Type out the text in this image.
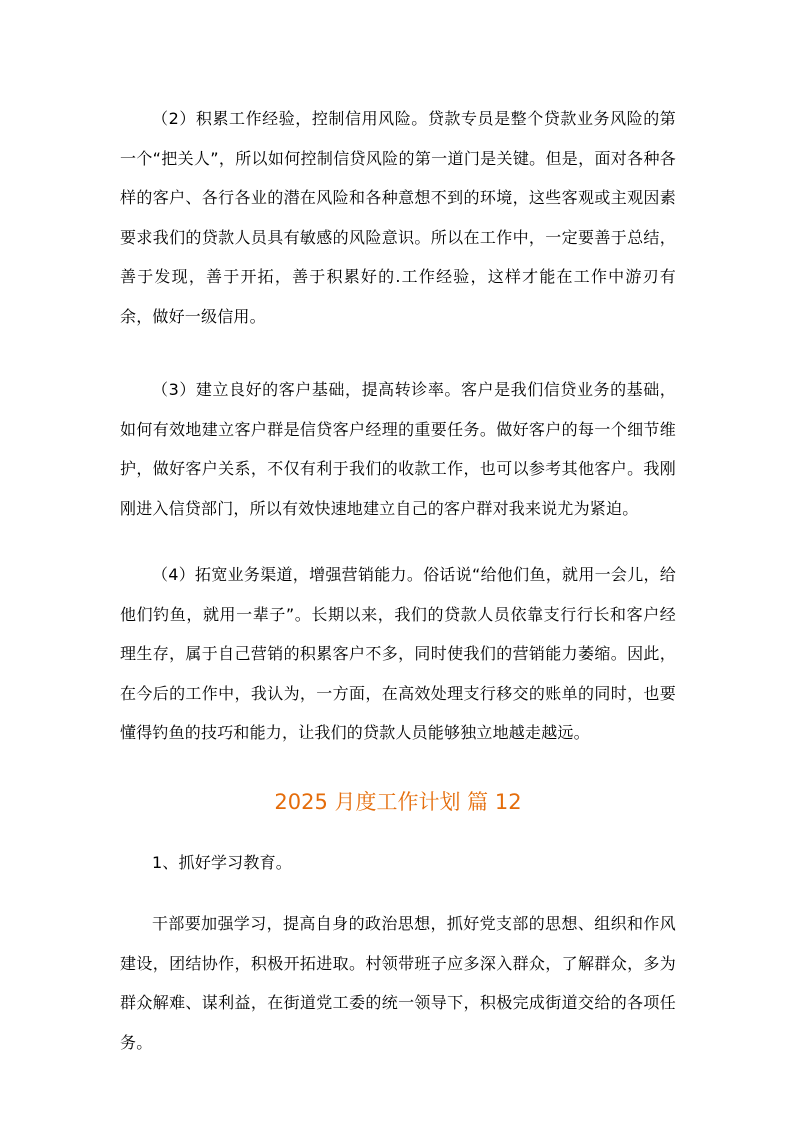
（2）积累工作经验，控制信用风险。贷款专员是整个贷款业务风险的第一个“把关人”，所以如何控制信贷风险的第一道门是关键。但是，面对各种各样的客户、各行各业的潜在风险和各种意想不到的环境，这些客观或主观因素要求我们的贷款人员具有敏感的风险意识。所以在工作中，一定要善于总结，善于发现，善于开拓，善于积累好的.工作经验，这样才能在工作中游刃有余，做好一级信用。

（3）建立良好的客户基础，提高转诊率。客户是我们信贷业务的基础，如何有效地建立客户群是信贷客户经理的重要任务。做好客户的每一个细节维护，做好客户关系，不仅有利于我们的收款工作，也可以参考其他客户。我刚刚进入信贷部门，所以有效快速地建立自己的客户群对我来说尤为紧迫。

（4）拓宽业务渠道，增强营销能力。俗话说“给他们鱼，就用一会儿，给他们钓鱼，就用一辈子”。长期以来，我们的贷款人员依靠支行行长和客户经理生存，属于自己营销的积累客户不多，同时使我们的营销能力萎缩。因此，在今后的工作中，我认为，一方面，在高效处理支行移交的账单的同时，也要懂得钓鱼的技巧和能力，让我们的贷款人员能够独立地越走越远。

2025 月度工作计划 篇 12

1、抓好学习教育。

干部要加强学习，提高自身的政治思想，抓好党支部的思想、组织和作风建设，团结协作，积极开拓进取。村领带班子应多深入群众，了解群众，多为群众解难、谋利益，在街道党工委的统一领导下，积极完成街道交给的各项任务。
